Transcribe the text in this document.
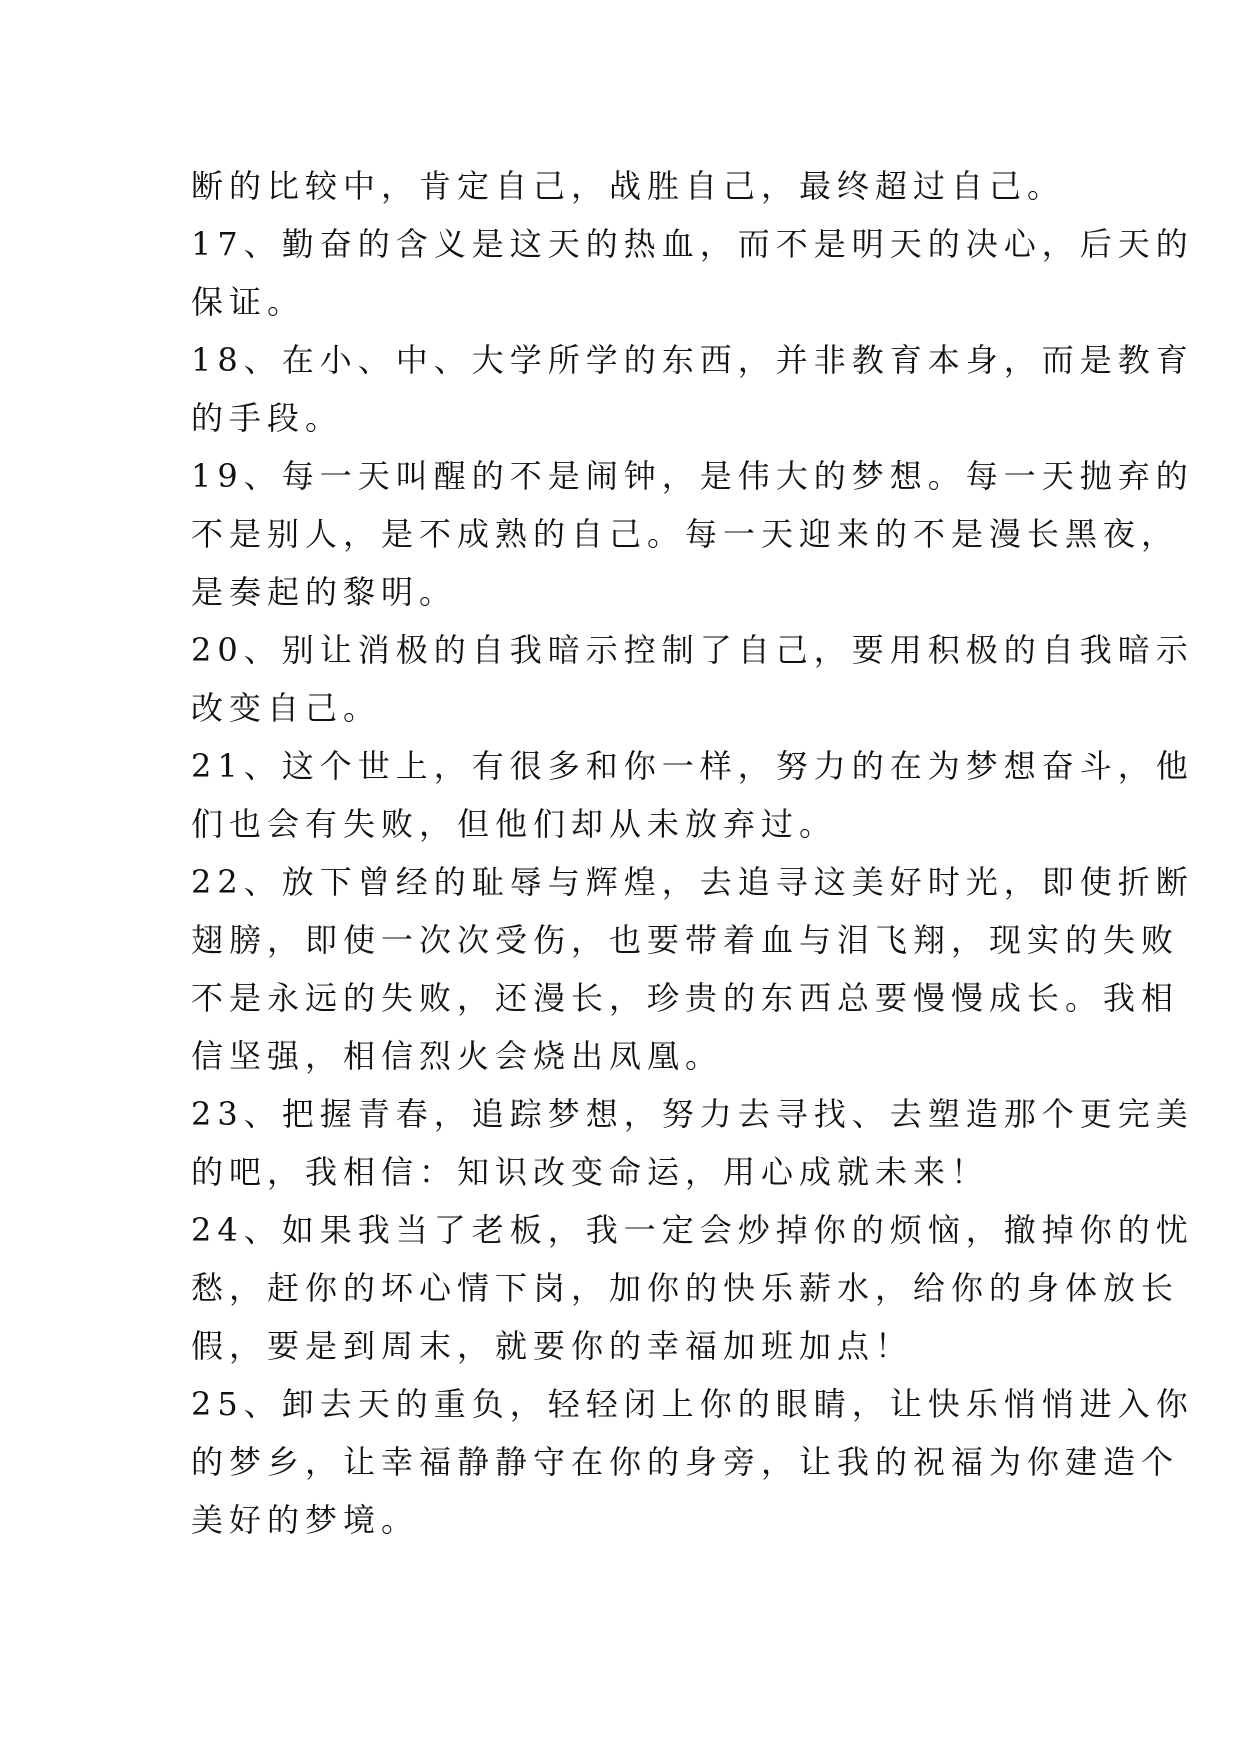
断的比较中，肯定自己，战胜自己，最终超过自己。
17、勤奋的含义是这天的热血，而不是明天的决心，后天的
保证。
18、在小、中、大学所学的东西，并非教育本身，而是教育
的手段。
19、每一天叫醒的不是闹钟，是伟大的梦想。每一天抛弃的
不是别人，是不成熟的自己。每一天迎来的不是漫长黑夜，
是奏起的黎明。
20、别让消极的自我暗示控制了自己，要用积极的自我暗示
改变自己。
21、这个世上，有很多和你一样，努力的在为梦想奋斗，他
们也会有失败，但他们却从未放弃过。
22、放下曾经的耻辱与辉煌，去追寻这美好时光，即使折断
翅膀，即使一次次受伤，也要带着血与泪飞翔，现实的失败
不是永远的失败，还漫长，珍贵的东西总要慢慢成长。我相
信坚强，相信烈火会烧出凤凰。
23、把握青春，追踪梦想，努力去寻找、去塑造那个更完美
的吧，我相信：知识改变命运，用心成就未来！
24、如果我当了老板，我一定会炒掉你的烦恼，撤掉你的忧
愁，赶你的坏心情下岗，加你的快乐薪水，给你的身体放长
假，要是到周末，就要你的幸福加班加点！
25、卸去天的重负，轻轻闭上你的眼睛，让快乐悄悄进入你
的梦乡，让幸福静静守在你的身旁，让我的祝福为你建造个
美好的梦境。
